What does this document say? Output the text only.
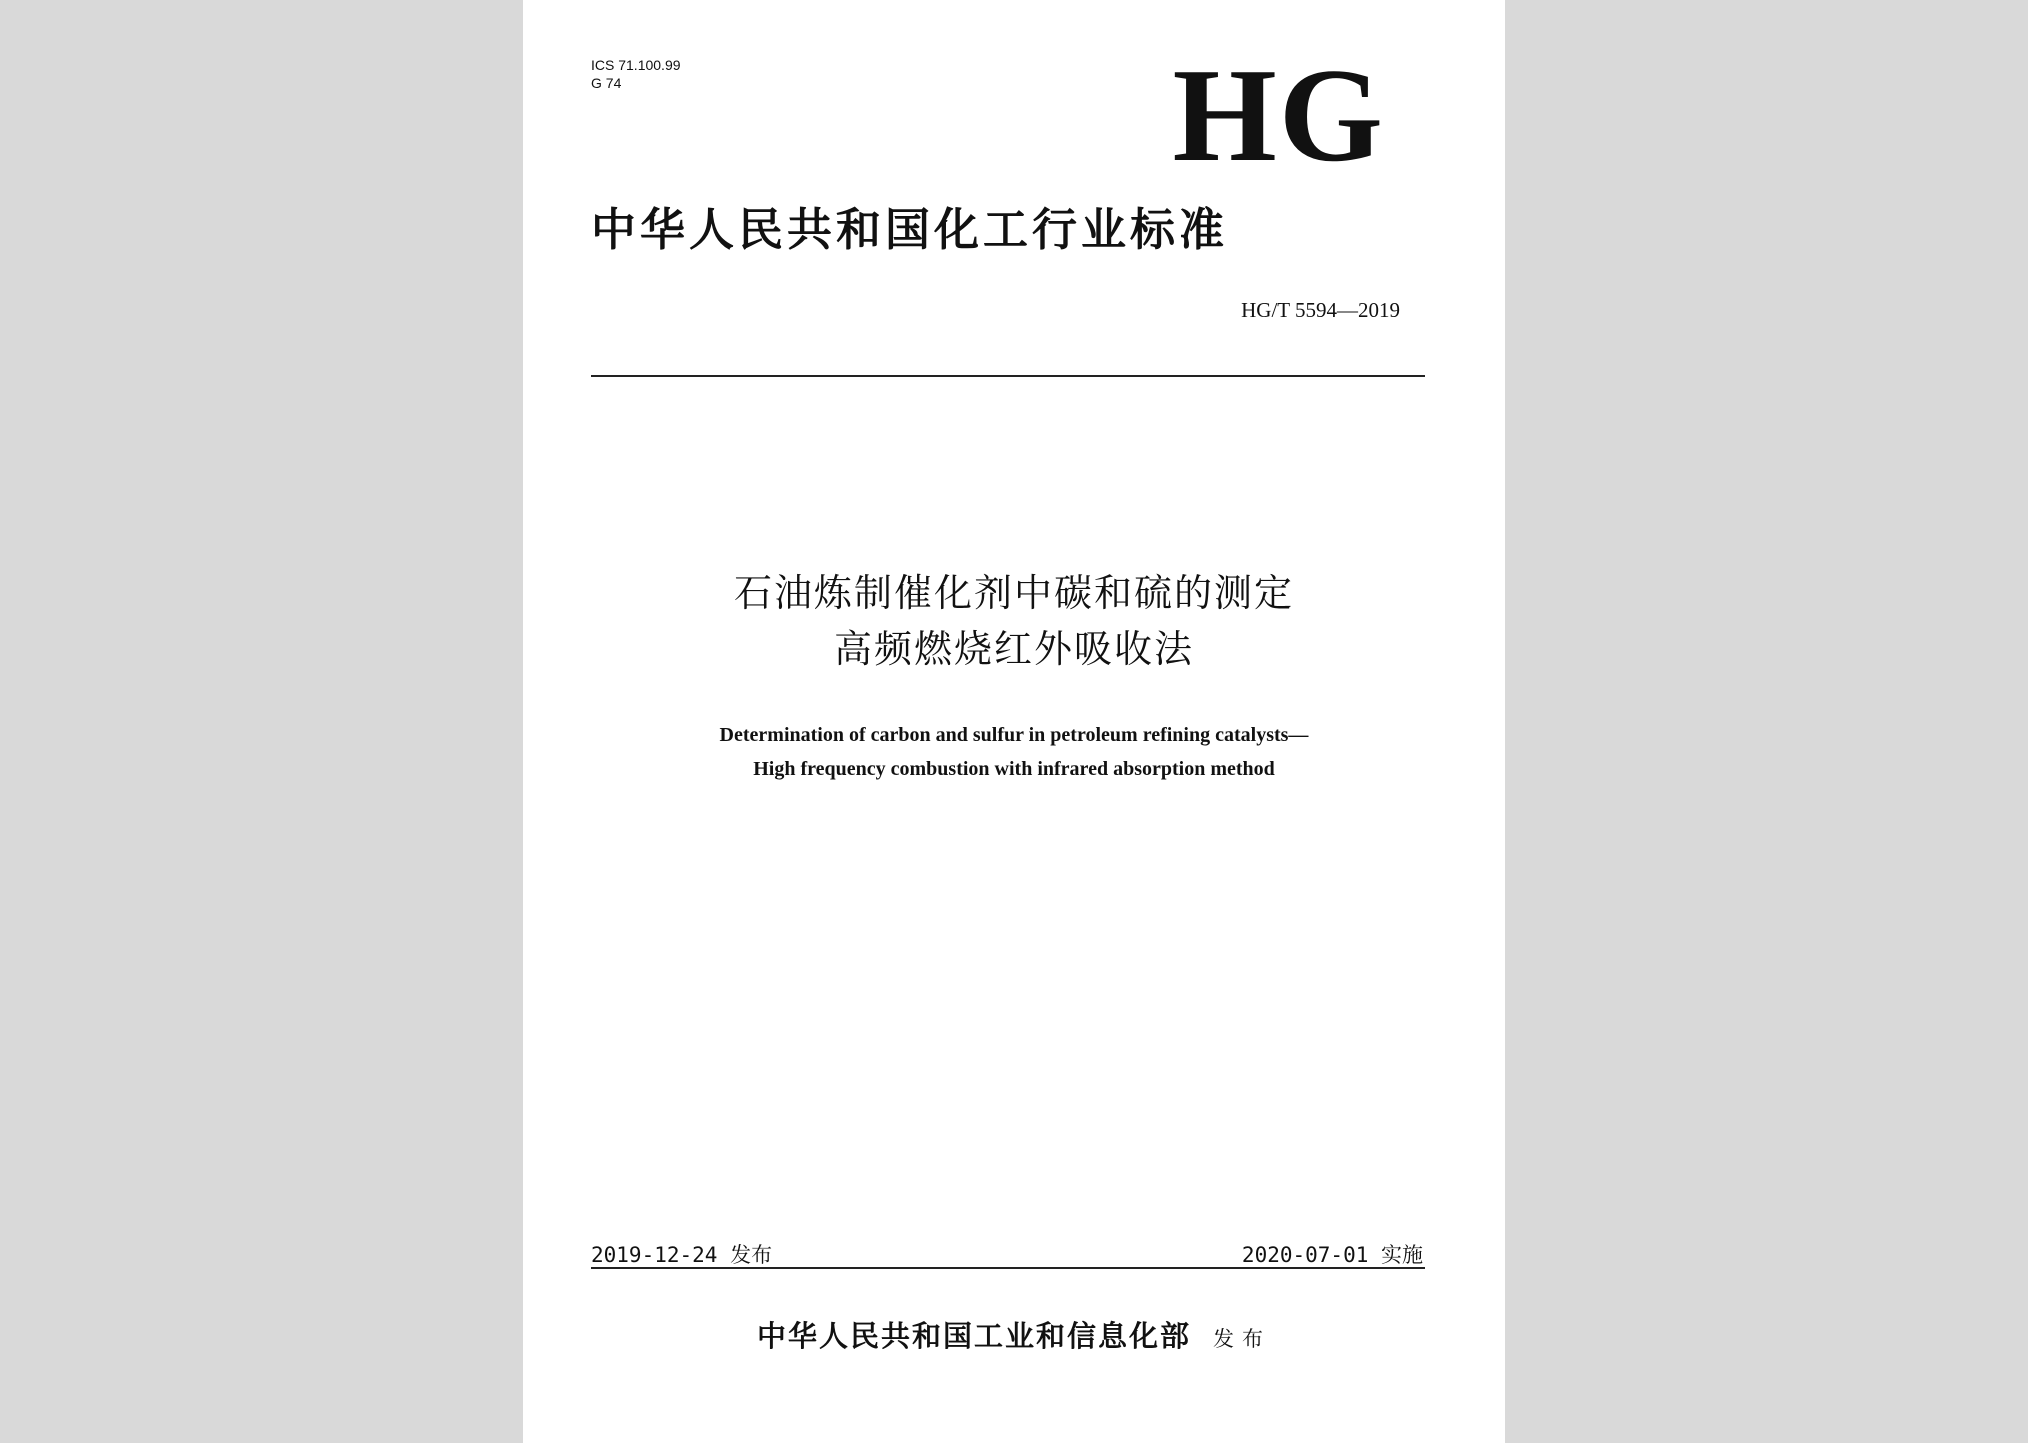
ICS 71.100.99
G 74	HG
中华人民共和国化工行业标准
HG/T 5594—2019
石油炼制催化剂中碳和硫的测定
高频燃烧红外吸收法
Determination of carbon and sulfur in petroleum refining catalysts—
High frequency combustion with infrared absorption method
2019-12-24 发布	2020-07-01 实施
中华人民共和国工业和信息化部 发布
